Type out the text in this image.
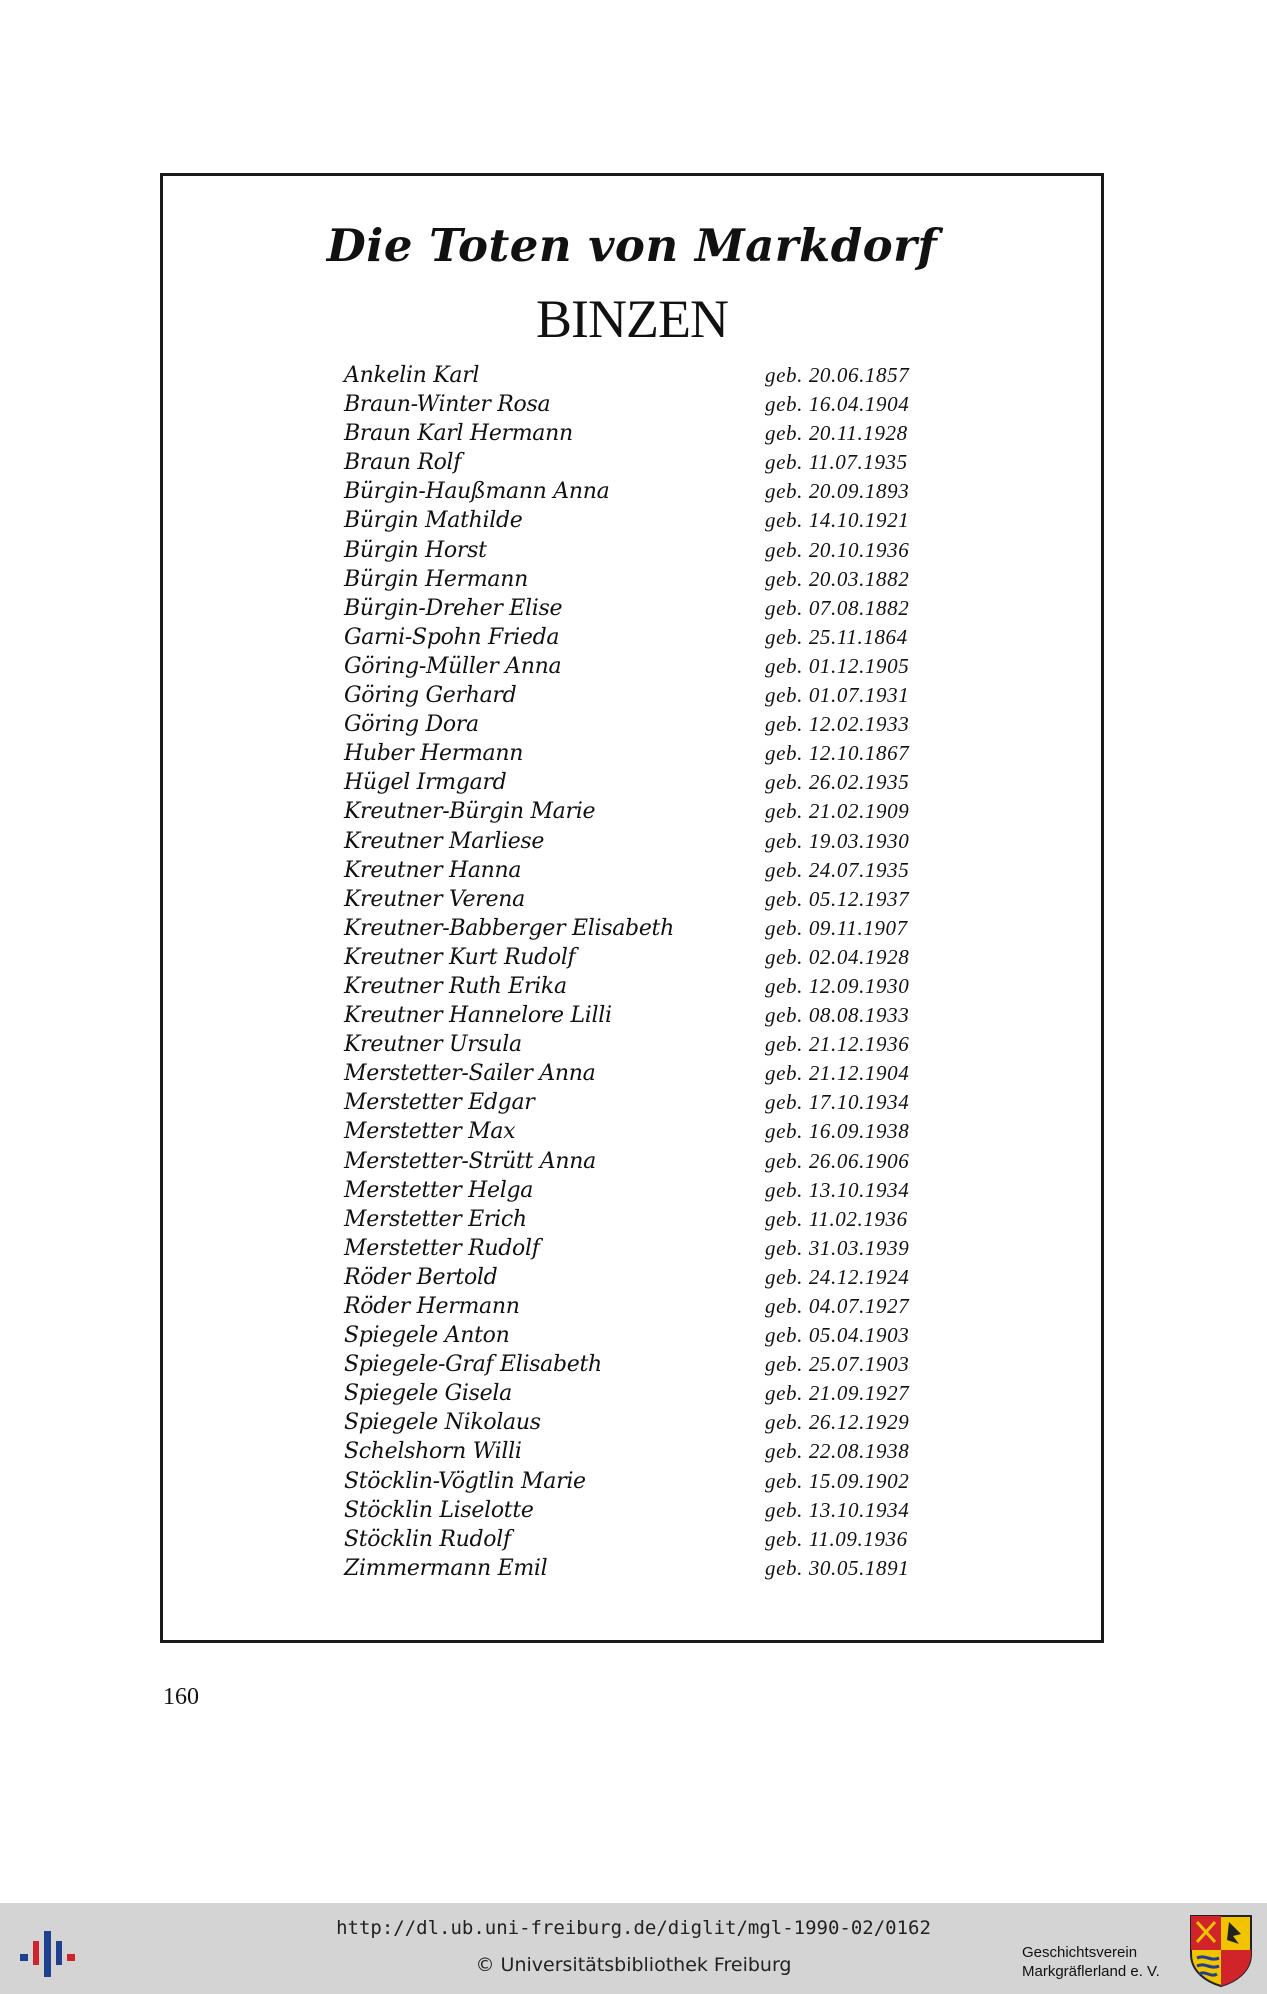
Die Toten von Markdorf
BINZEN
Ankelin Karl	geb. 20.06.1857
Braun-Winter Rosa	geb. 16.04.1904
Braun Karl Hermann	geb. 20.11.1928
Braun Rolf	geb. 11.07.1935
Bürgin-Haußmann Anna	geb. 20.09.1893
Bürgin Mathilde	geb. 14.10.1921
Bürgin Horst	geb. 20.10.1936
Bürgin Hermann	geb. 20.03.1882
Bürgin-Dreher Elise	geb. 07.08.1882
Garni-Spohn Frieda	geb. 25.11.1864
Göring-Müller Anna	geb. 01.12.1905
Göring Gerhard	geb. 01.07.1931
Göring Dora	geb. 12.02.1933
Huber Hermann	geb. 12.10.1867
Hügel Irmgard	geb. 26.02.1935
Kreutner-Bürgin Marie	geb. 21.02.1909
Kreutner Marliese	geb. 19.03.1930
Kreutner Hanna	geb. 24.07.1935
Kreutner Verena	geb. 05.12.1937
Kreutner-Babberger Elisabeth	geb. 09.11.1907
Kreutner Kurt Rudolf	geb. 02.04.1928
Kreutner Ruth Erika	geb. 12.09.1930
Kreutner Hannelore Lilli	geb. 08.08.1933
Kreutner Ursula	geb. 21.12.1936
Merstetter-Sailer Anna	geb. 21.12.1904
Merstetter Edgar	geb. 17.10.1934
Merstetter Max	geb. 16.09.1938
Merstetter-Strütt Anna	geb. 26.06.1906
Merstetter Helga	geb. 13.10.1934
Merstetter Erich	geb. 11.02.1936
Merstetter Rudolf	geb. 31.03.1939
Röder Bertold	geb. 24.12.1924
Röder Hermann	geb. 04.07.1927
Spiegele Anton	geb. 05.04.1903
Spiegele-Graf Elisabeth	geb. 25.07.1903
Spiegele Gisela	geb. 21.09.1927
Spiegele Nikolaus	geb. 26.12.1929
Schelshorn Willi	geb. 22.08.1938
Stöcklin-Vögtlin Marie	geb. 15.09.1902
Stöcklin Liselotte	geb. 13.10.1934
Stöcklin Rudolf	geb. 11.09.1936
Zimmermann Emil	geb. 30.05.1891

160

http://dl.ub.uni-freiburg.de/diglit/mgl-1990-02/0162
© Universitätsbibliothek Freiburg
Geschichtsverein
Markgräflerland e. V.
